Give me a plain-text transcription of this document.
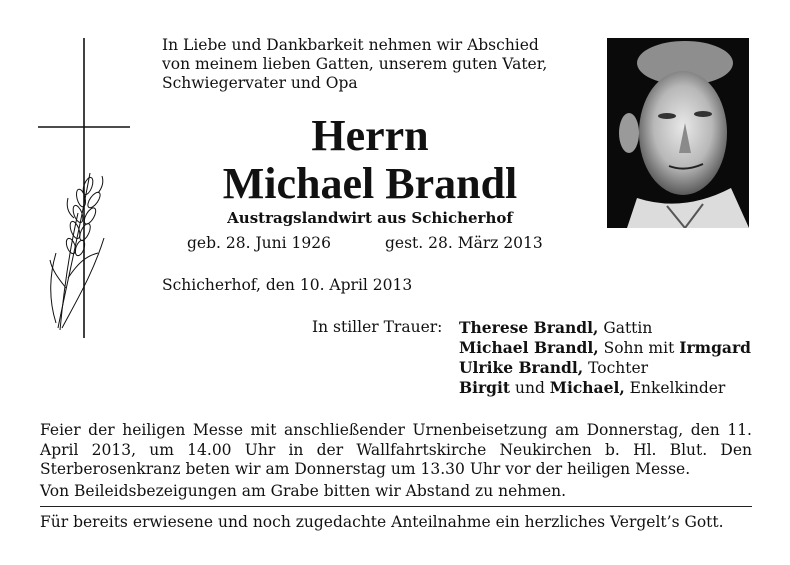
In Liebe und Dankbarkeit nehmen wir Abschied
von meinem lieben Gatten, unserem guten Vater,
Schwiegervater und Opa
Herrn
Michael Brandl
Austragslandwirt aus Schicherhof
geb. 28. Juni 1926	gest. 28. März 2013
Schicherhof, den 10. April 2013
In stiller Trauer: Therese Brandl, Gattin
Michael Brandl, Sohn mit Irmgard
Ulrike Brandl, Tochter
Birgit und Michael, Enkelkinder

Feier der heiligen Messe mit anschließender Urnenbeisetzung am Donnerstag, den 11. April 2013, um 14.00 Uhr in der Wallfahrtskirche Neukirchen b. Hl. Blut. Den Sterberosenkranz beten wir am Donnerstag um 13.30 Uhr vor der heiligen Messe.

Von Beileidsbezeigungen am Grabe bitten wir Abstand zu nehmen.
Für bereits erwiesene und noch zugedachte Anteilnahme ein herzliches Vergelt’s Gott.
